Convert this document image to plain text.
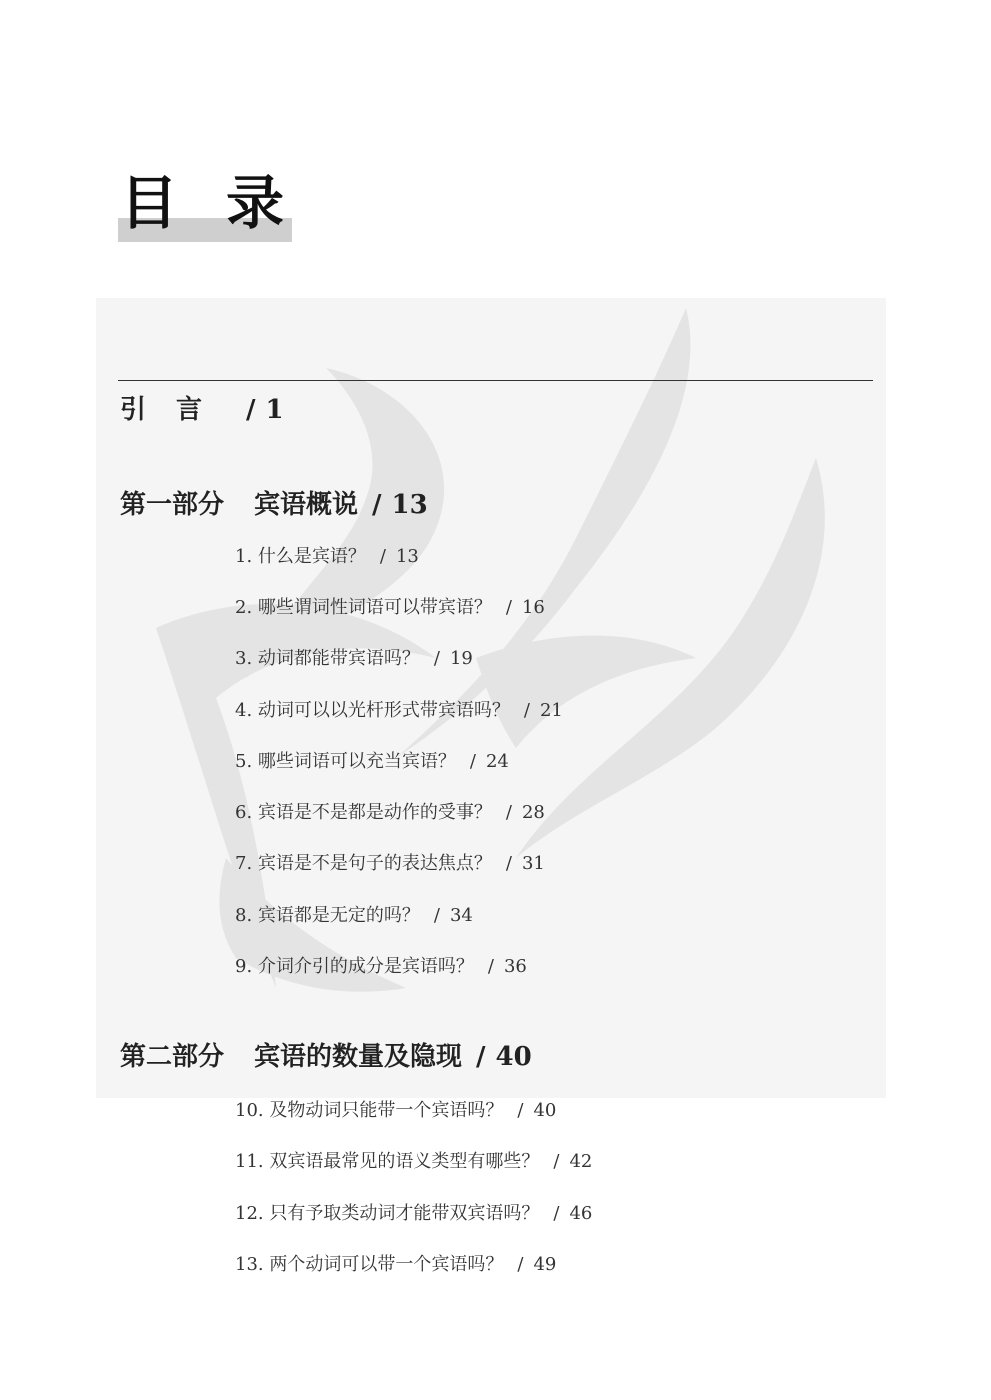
目录
引言 / 1
第一部分 宾语概说 / 13
1. 什么是宾语？ / 13
2. 哪些谓词性词语可以带宾语？ / 16
3. 动词都能带宾语吗？ / 19
4. 动词可以以光杆形式带宾语吗？ / 21
5. 哪些词语可以充当宾语？ / 24
6. 宾语是不是都是动作的受事？ / 28
7. 宾语是不是句子的表达焦点？ / 31
8. 宾语都是无定的吗？ / 34
9. 介词介引的成分是宾语吗？ / 36
第二部分 宾语的数量及隐现 / 40
10. 及物动词只能带一个宾语吗？ / 40
11. 双宾语最常见的语义类型有哪些？ / 42
12. 只有予取类动词才能带双宾语吗？ / 46
13. 两个动词可以带一个宾语吗？ / 49
